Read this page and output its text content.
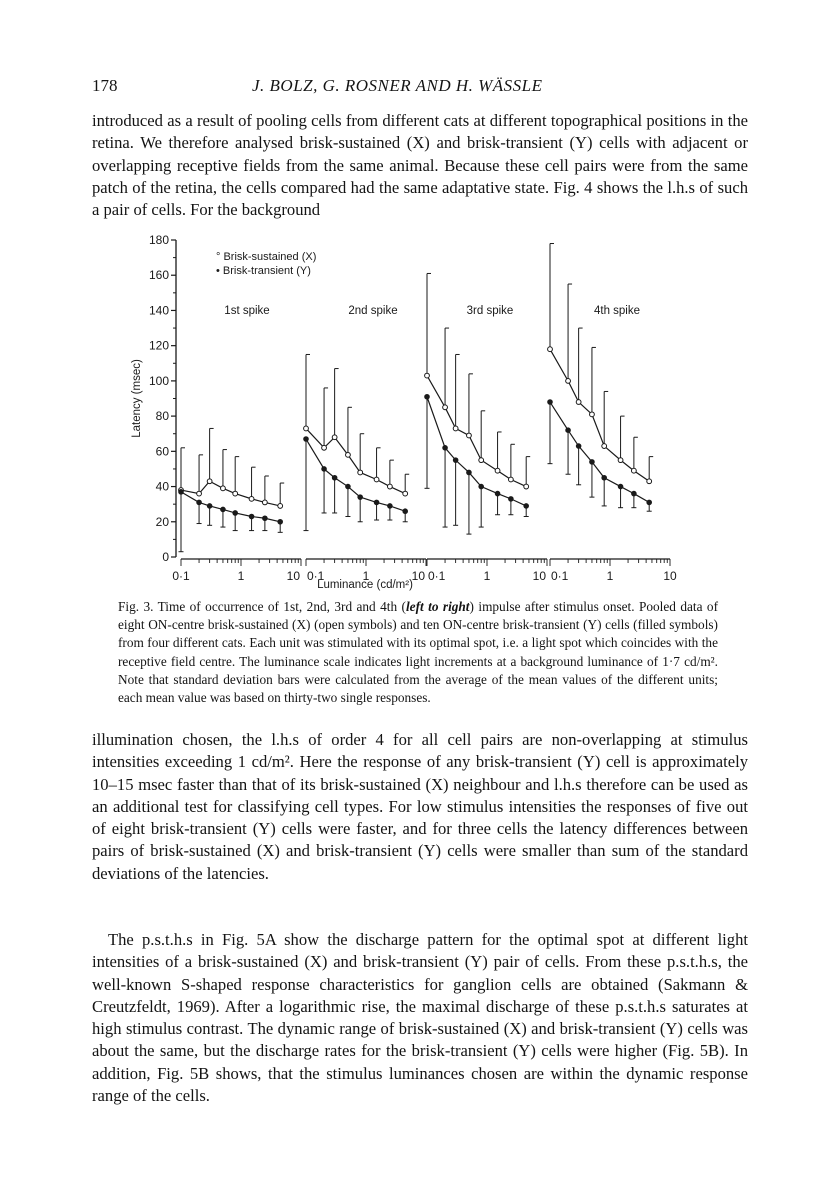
178	J. BOLZ, G. ROSNER AND H. WÄSSLE

introduced as a result of pooling cells from different cats at different topographical positions in the retina. We therefore analysed brisk-sustained (X) and brisk-transient (Y) cells with adjacent or overlapping receptive fields from the same animal. Because these cell pairs were from the same patch of the retina, the cells compared had the same adaptative state. Fig. 4 shows the l.h.s of such a pair of cells. For the background

0
20
40
60
80
100
120
140
160
180
Latency (msec)
° Brisk-sustained (X)
• Brisk-transient (Y)
1st spike	2nd spike	3rd spike	4th spike
0·1	1	10 0·1	1	10 0·1	1	10 0·1	1	10
Luminance (cd/m²)

Fig. 3. Time of occurrence of 1st, 2nd, 3rd and 4th (left to right) impulse after stimulus onset. Pooled data of eight ON-centre brisk-sustained (X) (open symbols) and ten ON-centre brisk-transient (Y) cells (filled symbols) from four different cats. Each unit was stimulated with its optimal spot, i.e. a light spot which coincides with the receptive field centre. The luminance scale indicates light increments at a background luminance of 1·7 cd/m². Note that standard deviation bars were calculated from the average of the mean values of the different units; each mean value was based on thirty-two single responses.

illumination chosen, the l.h.s of order 4 for all cell pairs are non-overlapping at stimulus intensities exceeding 1 cd/m². Here the response of any brisk-transient (Y) cell is approximately 10–15 msec faster than that of its brisk-sustained (X) neighbour and l.h.s therefore can be used as an additional test for classifying cell types. For low stimulus intensities the responses of five out of eight brisk-transient (Y) cells were faster, and for three cells the latency differences between pairs of brisk-sustained (X) and brisk-transient (Y) cells were smaller than sum of the standard deviations of the latencies.

The p.s.t.h.s in Fig. 5A show the discharge pattern for the optimal spot at different light intensities of a brisk-sustained (X) and brisk-transient (Y) pair of cells. From these p.s.t.h.s, the well-known S-shaped response characteristics for ganglion cells are obtained (Sakmann & Creutzfeldt, 1969). After a logarithmic rise, the maximal discharge of these p.s.t.h.s saturates at high stimulus contrast. The dynamic range of brisk-sustained (X) and brisk-transient (Y) cells was about the same, but the discharge rates for the brisk-transient (Y) cells were higher (Fig. 5B). In addition, Fig. 5B shows, that the stimulus luminances chosen are within the dynamic response range of the cells.
